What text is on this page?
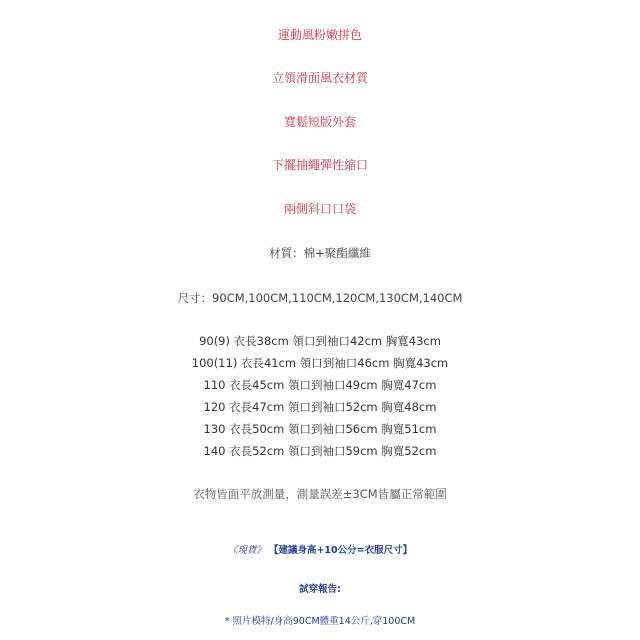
運動風粉嫩拼色
立領滑面風衣材質
寬鬆短版外套
下擺抽繩彈性縮口
兩側斜口口袋
材質：棉+聚酯纖維
尺寸：90CM,100CM,110CM,120CM,130CM,140CM
90(9) 衣長38cm 領口到袖口42cm 胸寬43cm
100(11) 衣長41cm 領口到袖口46cm 胸寬43cm
110 衣長45cm 領口到袖口49cm 胸寬47cm
120 衣長47cm 領口到袖口52cm 胸寬48cm
130 衣長50cm 領口到袖口56cm 胸寬51cm
140 衣長52cm 領口到袖口59cm 胸寬52cm
衣物皆面平放測量，測量誤差±3CM皆屬正常範圍
《現貨》 【建議身高+10公分=衣服尺寸】
試穿報告:
* 照片模特/身高90CM體重14公斤,穿100CM
